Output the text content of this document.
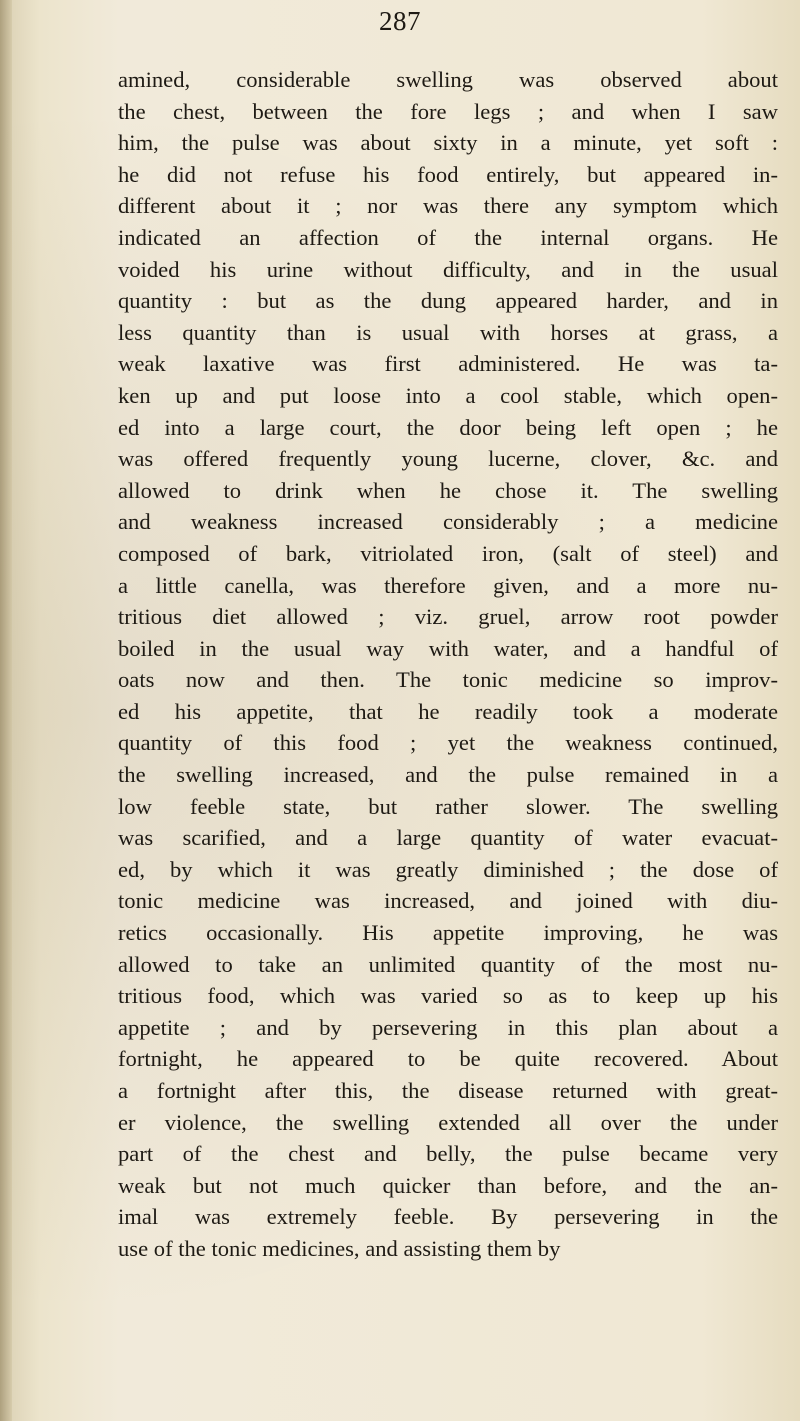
287
amined, considerable swelling was observed about
the chest, between the fore legs ; and when I saw
him, the pulse was about sixty in a minute, yet soft :
he did not refuse his food entirely, but appeared in-
different about it ; nor was there any symptom which
indicated an affection of the internal organs. He
voided his urine without difficulty, and in the usual
quantity : but as the dung appeared harder, and in
less quantity than is usual with horses at grass, a
weak laxative was first administered. He was ta-
ken up and put loose into a cool stable, which open-
ed into a large court, the door being left open ; he
was offered frequently young lucerne, clover, &c. and
allowed to drink when he chose it. The swelling
and weakness increased considerably ; a medicine
composed of bark, vitriolated iron, (salt of steel) and
a little canella, was therefore given, and a more nu-
tritious diet allowed ; viz. gruel, arrow root powder
boiled in the usual way with water, and a handful of
oats now and then. The tonic medicine so improv-
ed his appetite, that he readily took a moderate
quantity of this food ; yet the weakness continued,
the swelling increased, and the pulse remained in a
low feeble state, but rather slower. The swelling
was scarified, and a large quantity of water evacuat-
ed, by which it was greatly diminished ; the dose of
tonic medicine was increased, and joined with diu-
retics occasionally. His appetite improving, he was
allowed to take an unlimited quantity of the most nu-
tritious food, which was varied so as to keep up his
appetite ; and by persevering in this plan about a
fortnight, he appeared to be quite recovered. About
a fortnight after this, the disease returned with great-
er violence, the swelling extended all over the under
part of the chest and belly, the pulse became very
weak but not much quicker than before, and the an-
imal was extremely feeble. By persevering in the
use of the tonic medicines, and assisting them by
